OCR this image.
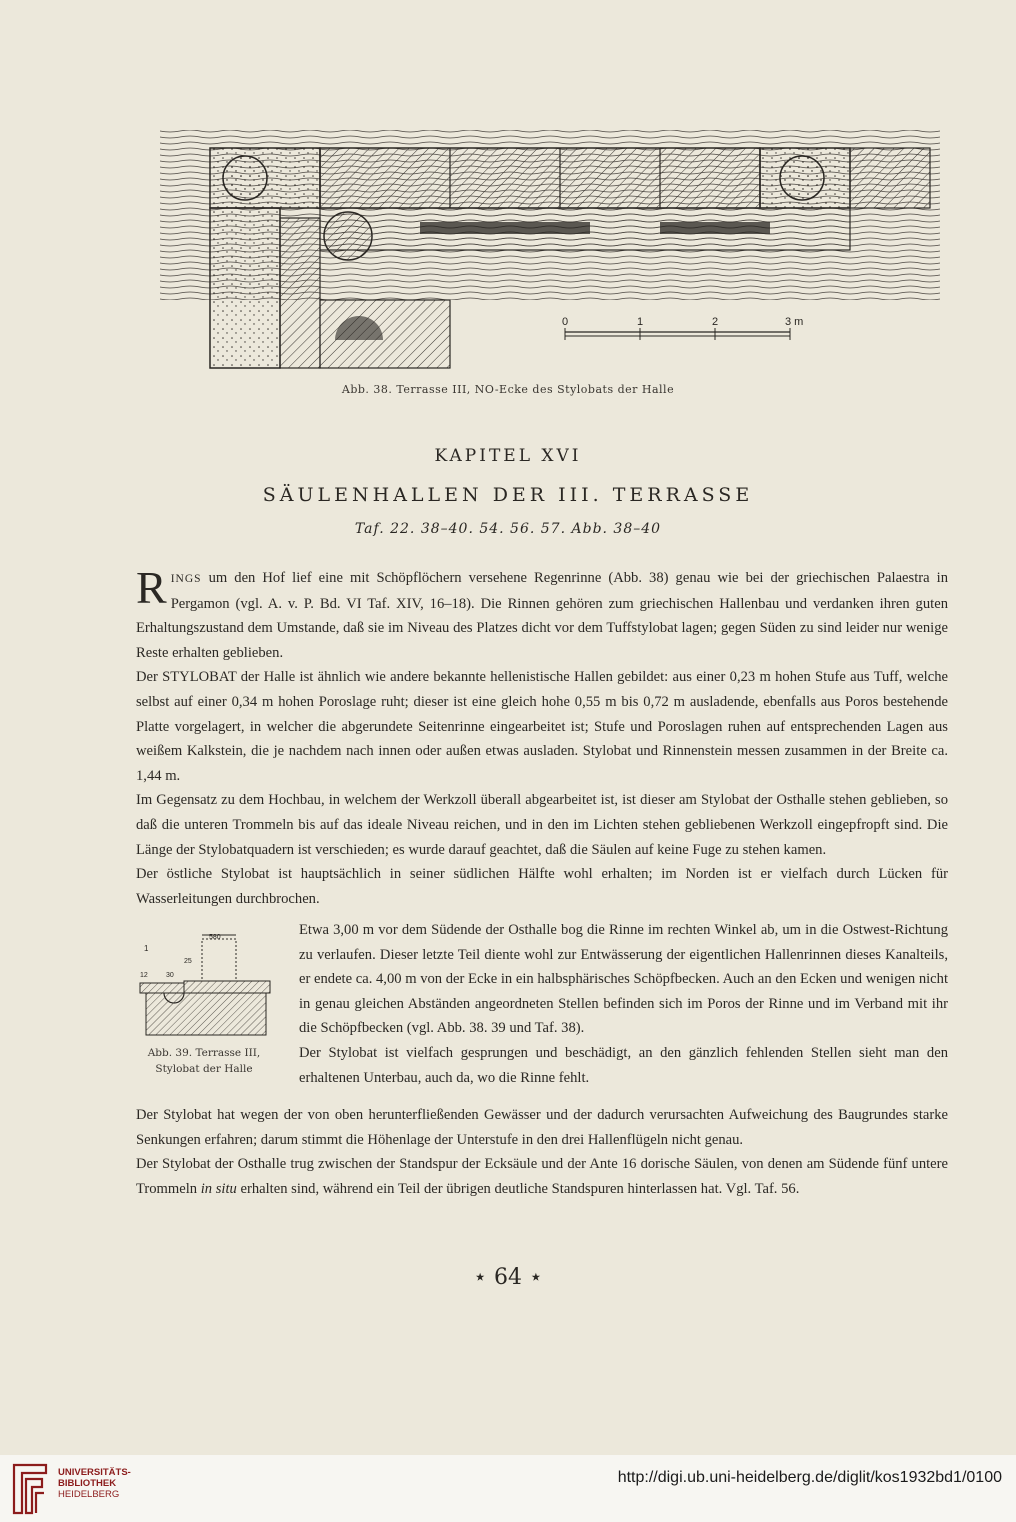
0	1	2	3 m
Abb. 38. Terrasse III, NO-Ecke des Stylobats der Halle
KAPITEL XVI
SÄULENHALLEN DER III. TERRASSE
Taf. 22. 38–40. 54. 56. 57. Abb. 38–40

RINGS um den Hof lief eine mit Schöpflöchern versehene Regenrinne (Abb. 38) genau wie bei der griechischen Palaestra in Pergamon (vgl. A. v. P. Bd. VI Taf. XIV, 16–18). Die Rinnen gehören zum griechischen Hallenbau und verdanken ihren guten Erhaltungszustand dem Umstande, daß sie im Niveau des Platzes dicht vor dem Tuffstylobat lagen; gegen Süden zu sind leider nur wenige Reste erhalten geblieben.

Der STYLOBAT der Halle ist ähnlich wie andere bekannte hellenistische Hallen gebildet: aus einer 0,23 m hohen Stufe aus Tuff, welche selbst auf einer 0,34 m hohen Poroslage ruht; dieser ist eine gleich hohe 0,55 m bis 0,72 m ausladende, ebenfalls aus Poros bestehende Platte vorgelagert, in welcher die abgerundete Seitenrinne eingearbeitet ist; Stufe und Poroslagen ruhen auf entsprechenden Lagen aus weißem Kalkstein, die je nachdem nach innen oder außen etwas ausladen. Stylobat und Rinnenstein messen zusammen in der Breite ca. 1,44 m.

Im Gegensatz zu dem Hochbau, in welchem der Werkzoll überall abgearbeitet ist, ist dieser am Stylobat der Osthalle stehen geblieben, so daß die unteren Trommeln bis auf das ideale Niveau reichen, und in den im Lichten stehen gebliebenen Werkzoll eingepfropft sind. Die Länge der Stylobatquadern ist verschieden; es wurde darauf geachtet, daß die Säulen auf keine Fuge zu stehen kamen.

Der östliche Stylobat ist hauptsächlich in seiner südlichen Hälfte wohl erhalten; im Norden ist er vielfach durch Lücken für Wasserleitungen durchbrochen.

580
1
25
12	30
Abb. 39. Terrasse III,
Stylobat der Halle

Etwa 3,00 m vor dem Südende der Osthalle bog die Rinne im rechten Winkel ab, um in die Ostwest-Richtung zu verlaufen. Dieser letzte Teil diente wohl zur Entwässerung der eigentlichen Hallenrinnen dieses Kanalteils, er endete ca. 4,00 m von der Ecke in ein halbsphärisches Schöpfbecken. Auch an den Ecken und wenigen nicht in genau gleichen Abständen angeordneten Stellen befinden sich im Poros der Rinne und im Verband mit ihr die Schöpfbecken (vgl. Abb. 38. 39 und Taf. 38).

Der Stylobat ist vielfach gesprungen und beschädigt, an den gänzlich fehlenden Stellen sieht man den erhaltenen Unterbau, auch da, wo die Rinne fehlt.

Der Stylobat hat wegen der von oben herunterfließenden Gewässer und der dadurch verursachten Aufweichung des Baugrundes starke Senkungen erfahren; darum stimmt die Höhenlage der Unterstufe in den drei Hallenflügeln nicht genau.

Der Stylobat der Osthalle trug zwischen der Standspur der Ecksäule und der Ante 16 dorische Säulen, von denen am Südende fünf untere Trommeln in situ erhalten sind, während ein Teil der übrigen deutliche Standspuren hinterlassen hat. Vgl. Taf. 56.

⋆ 64 ⋆
UNIVERSITÄTS-
BIBLIOTHEK
HEIDELBERG
http://digi.ub.uni-heidelberg.de/diglit/kos1932bd1/0100
